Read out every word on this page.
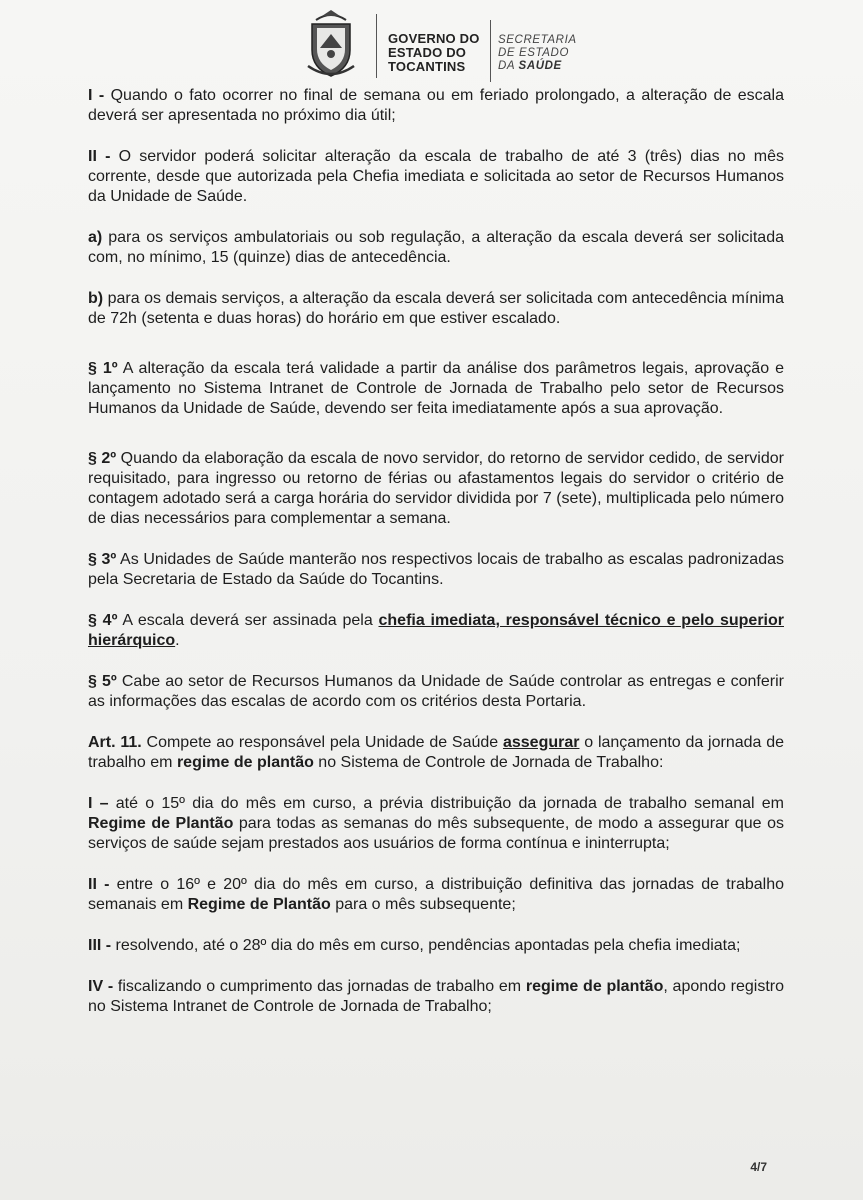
GOVERNO DO
ESTADO DO
TOCANTINS
SECRETARIA
DE ESTADO
DA SAÚDE

I - Quando o fato ocorrer no final de semana ou em feriado prolongado, a alteração de escala deverá ser apresentada no próximo dia útil;

II - O servidor poderá solicitar alteração da escala de trabalho de até 3 (três) dias no mês corrente, desde que autorizada pela Chefia imediata e solicitada ao setor de Recursos Humanos da Unidade de Saúde.

a) para os serviços ambulatoriais ou sob regulação, a alteração da escala deverá ser solicitada com, no mínimo, 15 (quinze) dias de antecedência.

b) para os demais serviços, a alteração da escala deverá ser solicitada com antecedência mínima de 72h (setenta e duas horas) do horário em que estiver escalado.

§ 1º A alteração da escala terá validade a partir da análise dos parâmetros legais, aprovação e lançamento no Sistema Intranet de Controle de Jornada de Trabalho pelo setor de Recursos Humanos da Unidade de Saúde, devendo ser feita imediatamente após a sua aprovação.

§ 2º Quando da elaboração da escala de novo servidor, do retorno de servidor cedido, de servidor requisitado, para ingresso ou retorno de férias ou afastamentos legais do servidor o critério de contagem adotado será a carga horária do servidor dividida por 7 (sete), multiplicada pelo número de dias necessários para complementar a semana.

§ 3º As Unidades de Saúde manterão nos respectivos locais de trabalho as escalas padronizadas pela Secretaria de Estado da Saúde do Tocantins.

§ 4º A escala deverá ser assinada pela chefia imediata, responsável técnico e pelo superior hierárquico.

§ 5º Cabe ao setor de Recursos Humanos da Unidade de Saúde controlar as entregas e conferir as informações das escalas de acordo com os critérios desta Portaria.

Art. 11. Compete ao responsável pela Unidade de Saúde assegurar o lançamento da jornada de trabalho em regime de plantão no Sistema de Controle de Jornada de Trabalho:

I – até o 15º dia do mês em curso, a prévia distribuição da jornada de trabalho semanal em Regime de Plantão para todas as semanas do mês subsequente, de modo a assegurar que os serviços de saúde sejam prestados aos usuários de forma contínua e ininterrupta;

II - entre o 16º e 20º dia do mês em curso, a distribuição definitiva das jornadas de trabalho semanais em Regime de Plantão para o mês subsequente;

III - resolvendo, até o 28º dia do mês em curso, pendências apontadas pela chefia imediata;

IV - fiscalizando o cumprimento das jornadas de trabalho em regime de plantão, apondo registro no Sistema Intranet de Controle de Jornada de Trabalho;

4/7
